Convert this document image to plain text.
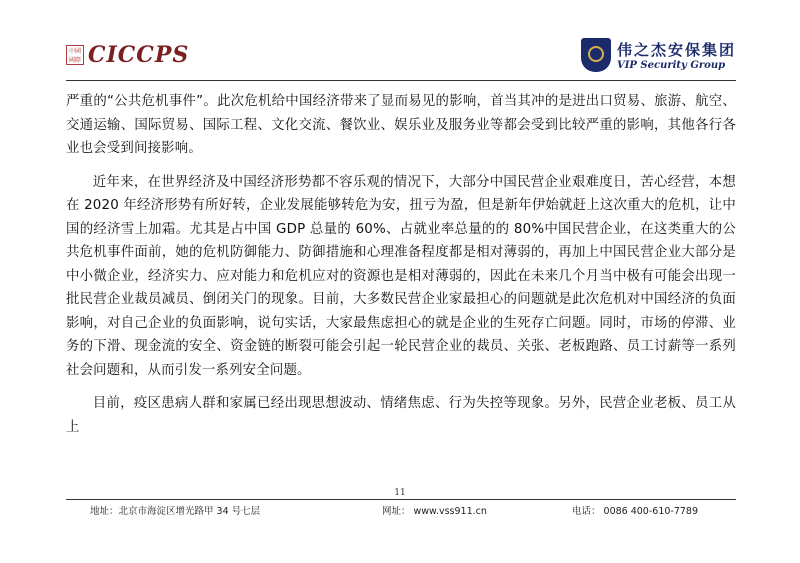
中國
國際 CICCPS	伟之杰安保集团
VIP Security Group

严重的“公共危机事件”。此次危机给中国经济带来了显而易见的影响，首当其冲的是进出口贸易、旅游、航空、交通运输、国际贸易、国际工程、文化交流、餐饮业、娱乐业及服务业等都会受到比较严重的影响，其他各行各业也会受到间接影响。

近年来，在世界经济及中国经济形势都不容乐观的情况下，大部分中国民营企业艰难度日，苦心经营，本想在 2020 年经济形势有所好转，企业发展能够转危为安，扭亏为盈，但是新年伊始就赶上这次重大的危机，让中国的经济雪上加霜。尤其是占中国 GDP 总量的 60%、占就业率总量的的 80%中国民营企业，在这类重大的公共危机事件面前，她的危机防御能力、防御措施和心理准备程度都是相对薄弱的，再加上中国民营企业大部分是中小微企业，经济实力、应对能力和危机应对的资源也是相对薄弱的，因此在未来几个月当中极有可能会出现一批民营企业裁员减员、倒闭关门的现象。目前，大多数民营企业家最担心的问题就是此次危机对中国经济的负面影响，对自己企业的负面影响，说句实话，大家最焦虑担心的就是企业的生死存亡问题。同时，市场的停滞、业务的下滑、现金流的安全、资金链的断裂可能会引起一轮民营企业的裁员、关张、老板跑路、员工讨薪等一系列社会问题和，从而引发一系列安全问题。

目前，疫区患病人群和家属已经出现思想波动、情绪焦虑、行为失控等现象。另外，民营企业老板、员工从上

11
地址：北京市海淀区增光路甲 34 号七层	网址： www.vss911.cn	电话： 0086 400-610-7789
